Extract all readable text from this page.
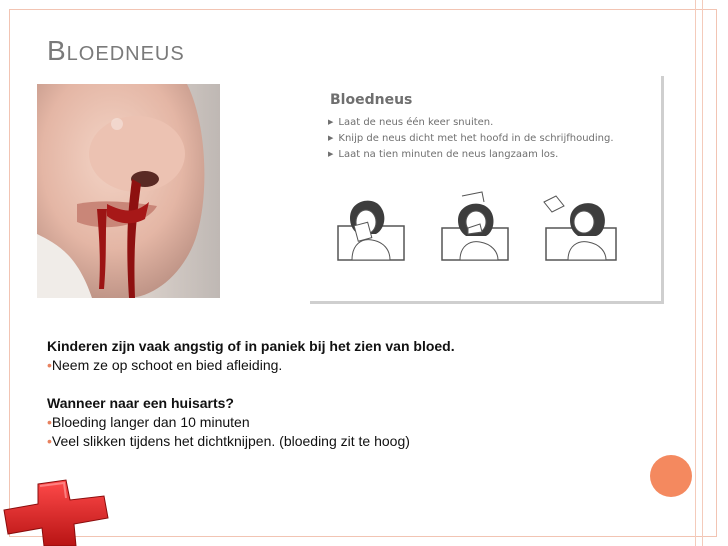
Bloedneus
Bloedneus
▶ Laat de neus één keer snuiten.
▶ Knijp de neus dicht met het hoofd in de schrijfhouding.
▶ Laat na tien minuten de neus langzaam los.
Kinderen zijn vaak angstig of in paniek bij het zien van bloed.
•Neem ze op schoot en bied afleiding.
Wanneer naar een huisarts?
•Bloeding langer dan 10 minuten
•Veel slikken tijdens het dichtknijpen. (bloeding zit te hoog)
